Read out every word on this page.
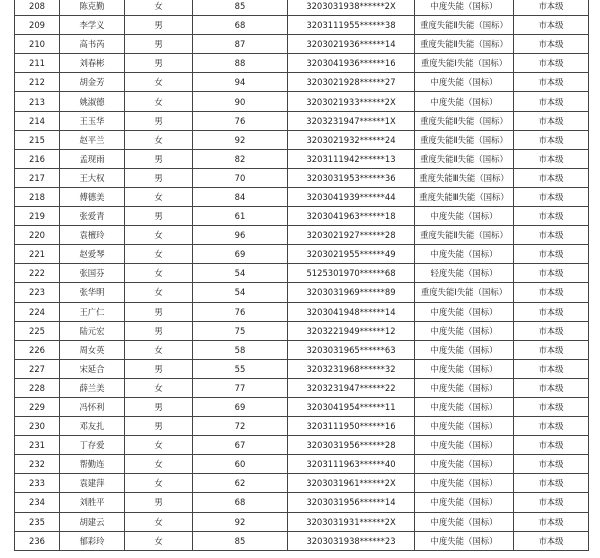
208	陈克勤	女	85	3203031938******2X	中度失能（国标）	市本级
209	李学义	男	68	3203111955******38	重度失能Ⅱ失能（国标）	市本级
210	高书芮	男	87	3203021936******14	重度失能Ⅱ失能（国标）	市本级
211	刘春彬	男	88	3203041936******16	重度失能Ⅰ失能（国标）	市本级
212	胡金芳	女	94	3203021928******27	中度失能（国标）	市本级
213	姚淑德	女	90	3203021933******2X	中度失能（国标）	市本级
214	王玉华	男	76	3203231947******1X	重度失能Ⅱ失能（国标）	市本级
215	赵平兰	女	92	3203021932******24	重度失能Ⅱ失能（国标）	市本级
216	孟现雨	男	82	3203111942******13	重度失能Ⅱ失能（国标）	市本级
217	王大权	男	70	3203031953******36	重度失能Ⅲ失能（国标）	市本级
218	傅德美	女	84	3203041939******44	重度失能Ⅲ失能（国标）	市本级
219	张爱青	男	61	3203041963******18	中度失能（国标）	市本级
220	袁檀玲	女	96	3203021927******28	重度失能Ⅱ失能（国标）	市本级
221	赵爱琴	女	69	3203021955******49	中度失能（国标）	市本级
222	张国芬	女	54	5125301970******68	轻度失能（国标）	市本级
223	张华明	女	54	3203031969******89	重度失能Ⅰ失能（国标）	市本级
224	王广仁	男	76	3203041948******14	中度失能（国标）	市本级
225	陆元宏	男	75	3203221949******12	中度失能（国标）	市本级
226	周女英	女	58	3203031965******63	中度失能（国标）	市本级
227	宋延合	男	55	3203231968******32	中度失能（国标）	市本级
228	薛兰美	女	77	3203231947******22	中度失能（国标）	市本级
229	冯怀利	男	69	3203041954******11	中度失能（国标）	市本级
230	邓友扎	男	72	3203111950******16	中度失能（国标）	市本级
231	丁存爱	女	67	3203031956******28	中度失能（国标）	市本级
232	帮勤连	女	60	3203111963******40	中度失能（国标）	市本级
233	袁建萍	女	62	3203031961******2X	中度失能（国标）	市本级
234	刘胜平	男	68	3203031956******14	中度失能（国标）	市本级
235	胡建云	女	92	3203031931******2X	中度失能（国标）	市本级
236	郁彩玲	女	85	3203031938******23	中度失能（国标）	市本级
